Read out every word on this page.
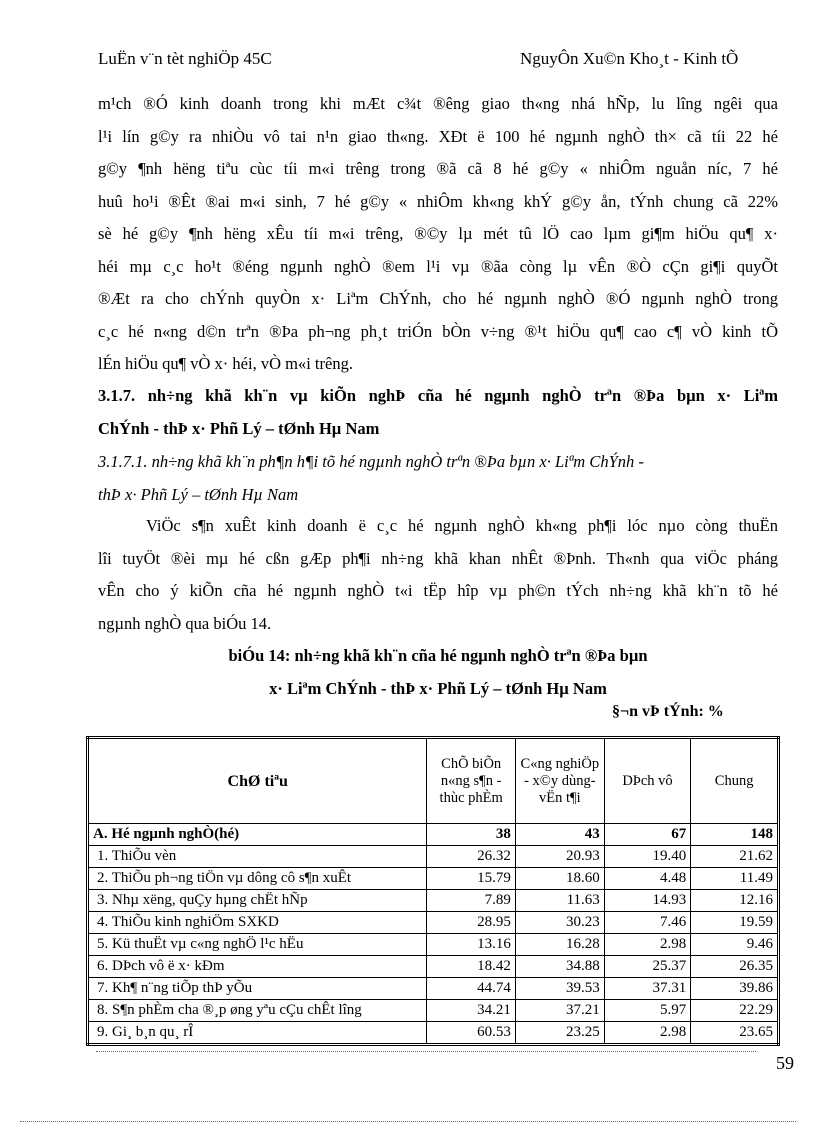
LuËn v¨n tèt nghiÖp 45C	NguyÔn Xu©n Kho¸t - Kinh tÕ
m¹ch ®Ó kinh doanh trong khi mÆt c¾t ®êng giao th«ng nhá hÑp, lu lîng ngêi qua
l¹i lín g©y ra nhiÒu vô tai n¹n giao th«ng. XÐt ë 100 hé ngµnh nghÒ th× cã tíi 22 hé
g©y ¶nh hëng tiªu cùc tíi m«i trêng trong ®ã cã 8 hé g©y « nhiÔm nguån níc, 7 hé
huû ho¹i ®Êt ®ai m«i sinh, 7 hé g©y « nhiÔm kh«ng khÝ g©y ån, tÝnh chung cã 22%
sè hé g©y ¶nh hëng xÊu tíi m«i trêng, ®©y lµ mét tû lÖ cao lµm gi¶m hiÖu qu¶ x·
héi mµ c¸c ho¹t ®éng ngµnh nghÒ ®em l¹i vµ ®ãa còng lµ vÊn ®Ò cÇn gi¶i quyÕt
®Æt ra cho chÝnh quyÒn x· Liªm ChÝnh, cho hé ngµnh nghÒ ®Ó ngµnh nghÒ trong
c¸c hé n«ng d©n trªn ®Þa ph¬ng ph¸t triÓn bÒn v÷ng ®¹t hiÖu qu¶ cao c¶ vÒ kinh tÕ
lÉn hiÖu qu¶ vÒ x· héi, vÒ m«i trêng.
3.1.7. nh÷ng khã kh¨n vµ kiÕn nghÞ cña hé ngµnh nghÒ trªn ®Þa bµn x· Liªm
ChÝnh - thÞ x· Phñ Lý – tØnh Hµ Nam
3.1.7.1. nh÷ng khã kh¨n ph¶n h¶i tõ hé ngµnh nghÒ trªn ®Þa bµn x· Liªm ChÝnh -
thÞ x· Phñ Lý – tØnh Hµ Nam
ViÖc s¶n xuÊt kinh doanh ë c¸c hé ngµnh nghÒ kh«ng ph¶i lóc nµo còng thuËn
lîi tuyÖt ®èi mµ hé cßn gÆp ph¶i nh÷ng khã khan nhÊt ®Þnh. Th«nh qua viÖc pháng
vÊn cho ý kiÕn cña hé ngµnh nghÒ t«i tËp hîp vµ ph©n tÝch nh÷ng khã kh¨n tõ hé
ngµnh nghÒ qua biÓu 14.
biÓu 14: nh÷ng khã kh¨n cña hé ngµnh nghÒ trªn ®Þa bµn
x· Liªm ChÝnh - thÞ x· Phñ Lý – tØnh Hµ Nam
§¬n vÞ tÝnh: %
ChØ tiªu	ChÕ biÕn n«ng s¶n - thùc phÈm	C«ng nghiÖp - x©y dùng-vËn t¶i	DÞch vô	Chung
A. Hé ngµnh nghÒ(hé)	38	43	67	148
1. ThiÕu vèn	26.32	20.93	19.40	21.62
2. ThiÕu ph¬ng tiÖn vµ dông cô s¶n xuÊt	15.79	18.60	4.48	11.49
3. Nhµ xëng, quÇy hµng chËt hÑp	7.89	11.63	14.93	12.16
4. ThiÕu kinh nghiÖm SXKD	28.95	30.23	7.46	19.59
5. Kü thuËt vµ c«ng nghÖ l¹c hËu	13.16	16.28	2.98	9.46
6. DÞch vô ë x· kÐm	18.42	34.88	25.37	26.35
7. Kh¶ n¨ng tiÕp thÞ yÕu	44.74	39.53	37.31	39.86
8. S¶n phÈm cha ®¸p øng yªu cÇu chÊt lîng	34.21	37.21	5.97	22.29
9. Gi¸ b¸n qu¸ rÎ	60.53	23.25	2.98	23.65
59
